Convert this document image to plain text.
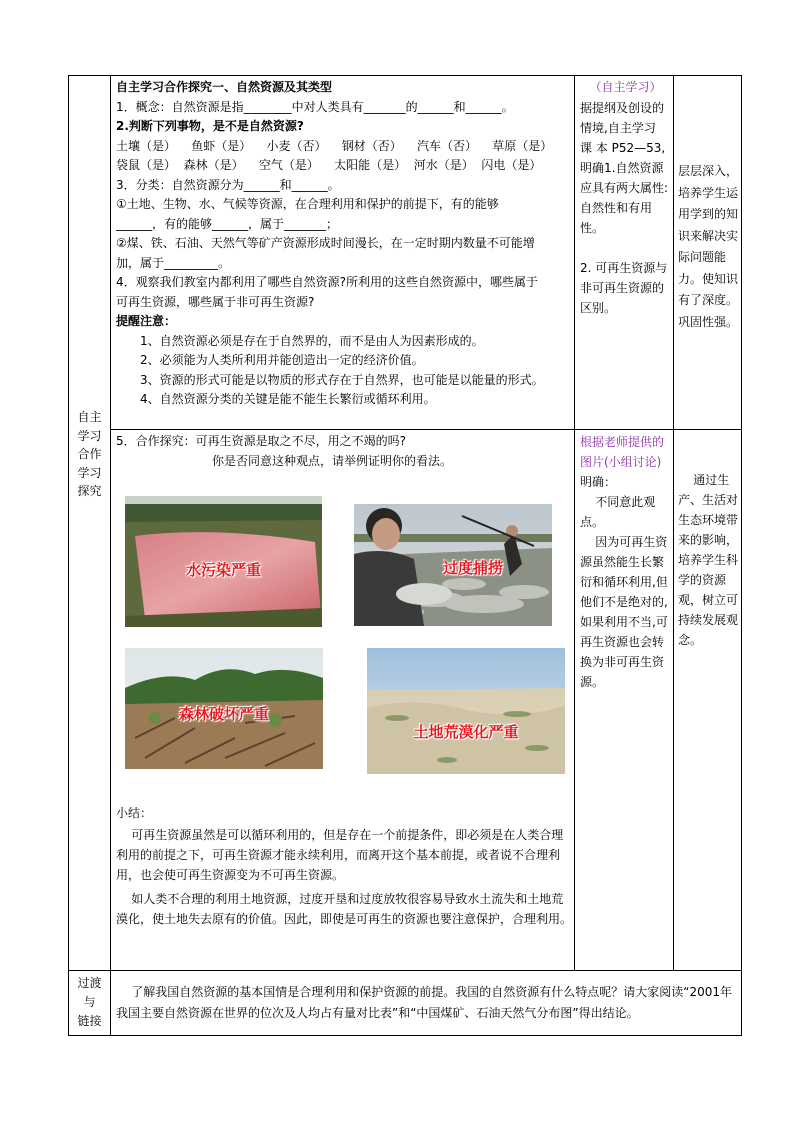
自主
学习
合作
学习
探究
自主学习合作探究一、自然资源及其类型
1．概念：自然资源是指________中对人类具有_______的______和______。
2.判断下列事物，是不是自然资源?
土壤（是）    鱼虾（是）    小麦（否）    钢材（否）    汽车（否）    草原（是）
袋鼠（是）  森林（是）    空气（是）    太阳能（是）  河水（是）  闪电（是）
3．分类：自然资源分为______和______。
①土地、生物、水、气候等资源，在合理利用和保护的前提下，有的能够
______，有的能够______，属于_______；
②煤、铁、石油、天然气等矿产资源形成时间漫长，在一定时期内数量不可能增
加，属于_________。
4．观察我们教室内都利用了哪些自然资源?所利用的这些自然资源中，哪些属于
可再生资源，哪些属于非可再生资源?
提醒注意：
1、自然资源必须是存在于自然界的，而不是由人为因素形成的。
2、必须能为人类所利用并能创造出一定的经济价值。
3、资源的形式可能是以物质的形式存在于自然界，也可能是以能量的形式。
4、自然资源分类的关键是能不能生长繁衍或循环利用。
（自主学习）
据提纲及创设的情境,自主学习 课 本 P52—53,明确1.自然资源应具有两大属性:自然性和有用性。

2. 可再生资源与非可再生资源的区别。
层层深入，培养学生运用学到的知识来解决实际问题能力。使知识有了深度。巩固性强。
5．合作探究：可再生资源是取之不尽，用之不竭的吗?
你是否同意这种观点，请举例证明你的看法。
水污染严重	过度捕捞
ZOL
森林破坏严重
土地荒漠化严重
小结：
可再生资源虽然是可以循环利用的，但是存在一个前提条件，即必须是在人类合理利用的前提之下，可再生资源才能永续利用，而离开这个基本前提，或者说不合理利用，也会使可再生资源变为不可再生资源。
如人类不合理的利用土地资源，过度开垦和过度放牧很容易导致水土流失和土地荒漠化，使土地失去原有的价值。因此，即使是可再生的资源也要注意保护，合理利用。
根据老师提供的图片(小组讨论)
明确：
不同意此观点。
因为可再生资源虽然能生长繁衍和循环利用,但他们不是绝对的,如果利用不当,可再生资源也会转换为非可再生资源。
通过生产、生活对生态环境带来的影响，培养学生科学的资源观，树立可持续发展观念。
过渡
与
链接
了解我国自然资源的基本国情是合理利用和保护资源的前提。我国的自然资源有什么特点呢？请大家阅读“2001年我国主要自然资源在世界的位次及人均占有量对比表”和“中国煤矿、石油天然气分布图”得出结论。
